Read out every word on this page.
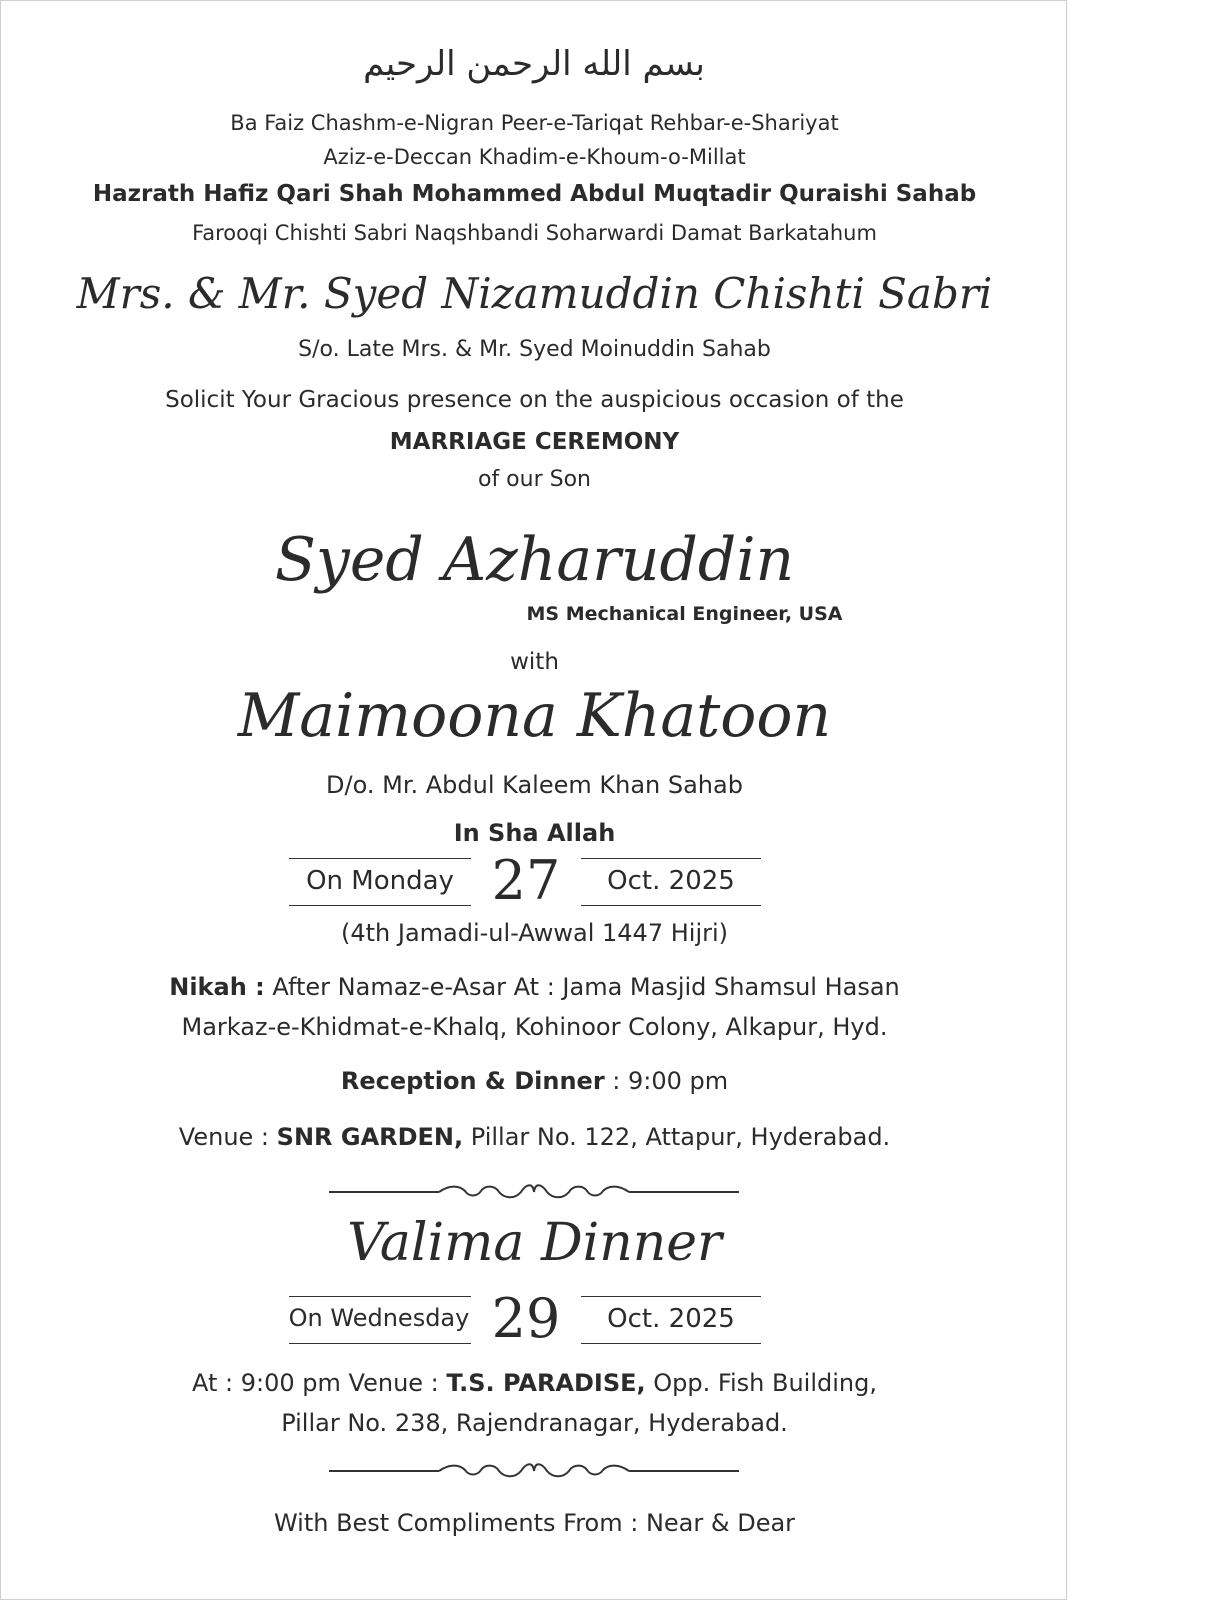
بسم الله الرحمن الرحيم
Ba Faiz Chashm-e-Nigran Peer-e-Tariqat Rehbar-e-Shariyat
Aziz-e-Deccan Khadim-e-Khoum-o-Millat
Hazrath Hafiz Qari Shah Mohammed Abdul Muqtadir Quraishi Sahab
Farooqi Chishti Sabri Naqshbandi Soharwardi Damat Barkatahum
Mrs. & Mr. Syed Nizamuddin Chishti Sabri
S/o. Late Mrs. & Mr. Syed Moinuddin Sahab
Solicit Your Gracious presence on the auspicious occasion of the
MARRIAGE CEREMONY
of our Son
Syed Azharuddin
MS Mechanical Engineer, USA
with
Maimoona Khatoon
D/o. Mr. Abdul Kaleem Khan Sahab
In Sha Allah
On Monday 27	Oct. 2025
(4th Jamadi-ul-Awwal 1447 Hijri)
Nikah : After Namaz-e-Asar At : Jama Masjid Shamsul Hasan
Markaz-e-Khidmat-e-Khalq, Kohinoor Colony, Alkapur, Hyd.
Reception & Dinner : 9:00 pm
Venue : SNR GARDEN, Pillar No. 122, Attapur, Hyderabad.
Valima Dinner
On Wednesday 29	Oct. 2025
At : 9:00 pm Venue : T.S. PARADISE, Opp. Fish Building,
Pillar No. 238, Rajendranagar, Hyderabad.
With Best Compliments From : Near & Dear
